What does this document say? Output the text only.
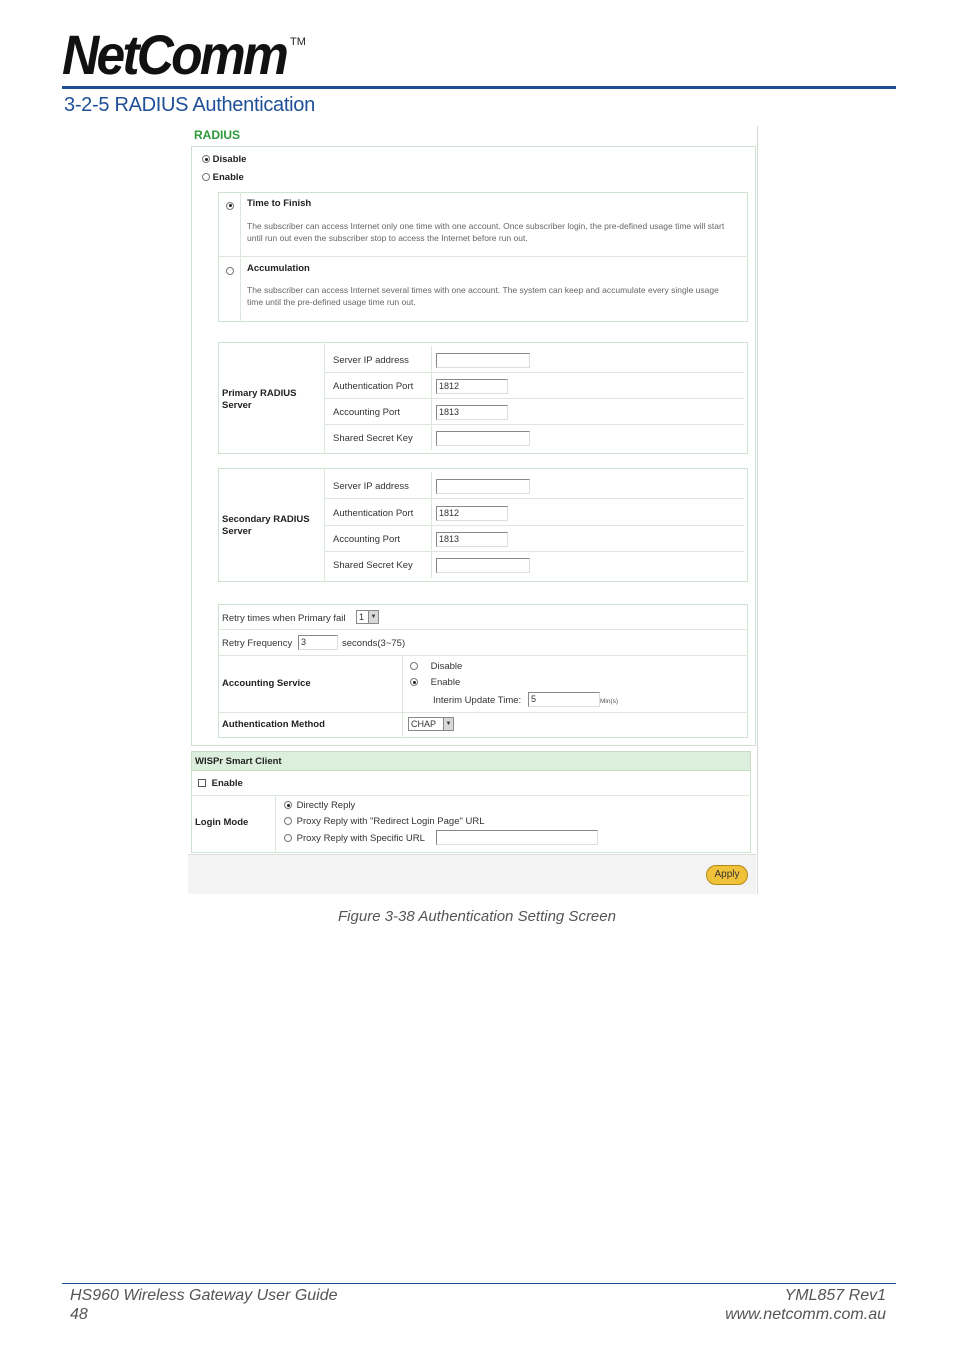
NetComm TM
3-2-5 RADIUS Authentication
RADIUS
Disable
Enable
Time to Finish
The subscriber can access Internet only one time with one account. Once subscriber login, the pre-defined usage time will start until run out even the subscriber stop to access the Internet before run out.
Accumulation
The subscriber can access Internet several times with one account. The system can keep and accumulate every single usage time until the pre-defined usage time run out.
Primary RADIUS Server
Server IP address
Authentication Port	1812
Accounting Port	1813
Shared Secret Key
Secondary RADIUS Server
Server IP address
Authentication Port	1812
Accounting Port	1813
Shared Secret Key
Retry times when Primary fail	1	▼
Retry Frequency 3	seconds(3~75)
Accounting Service
Disable
Enable
Interim Update Time:	5	Min(s)
Authentication Method	CHAP	▼
WISPr Smart Client
Enable
Login Mode
Directly Reply
Proxy Reply with "Redirect Login Page" URL
Proxy Reply with Specific URL
Apply
Figure 3-38 Authentication Setting Screen
HS960 Wireless Gateway User Guide
48
YML857 Rev1
www.netcomm.com.au
